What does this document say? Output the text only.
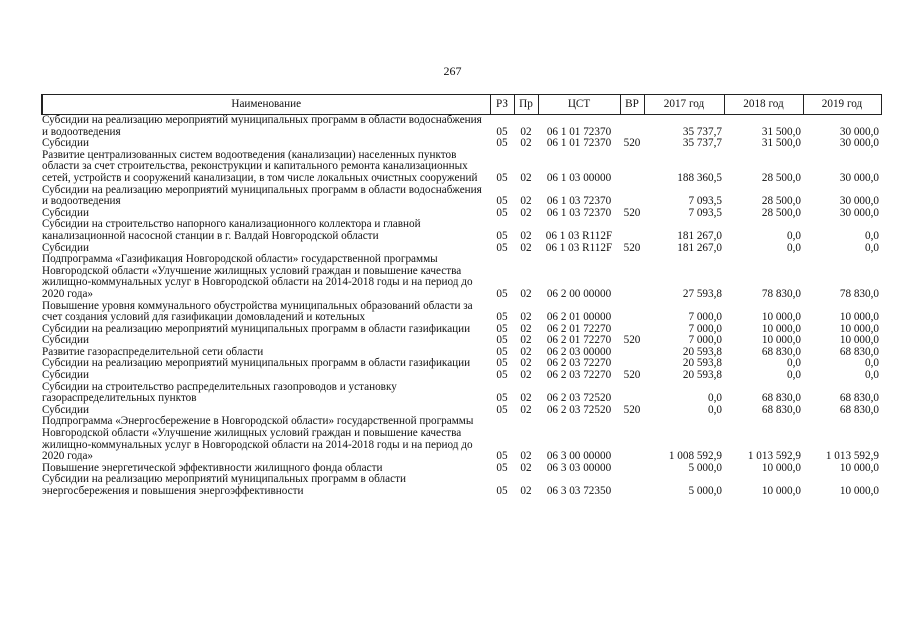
267
Наименование	РЗ	Пр	ЦСТ	ВР	2017 год	2018 год	2019 год
Субсидии на реализацию мероприятий муниципальных программ в области водоснабжения и водоотведения	05	02	06 1 01 72370		35 737,7	31 500,0	30 000,0
Субсидии	05	02	06 1 01 72370	520	35 737,7	31 500,0	30 000,0
Развитие централизованных систем водоотведения (канализации) населенных пунктов области за счет строительства, реконструкции и капитального ремонта канализационных сетей, устройств и сооружений канализации, в том числе локальных очистных сооружений	05	02	06 1 03 00000		188 360,5	28 500,0	30 000,0
Субсидии на реализацию мероприятий муниципальных программ в области водоснабжения и водоотведения	05	02	06 1 03 72370		7 093,5	28 500,0	30 000,0
Субсидии	05	02	06 1 03 72370	520	7 093,5	28 500,0	30 000,0
Субсидии на строительство напорного канализационного коллектора и главной канализационной насосной станции в г. Валдай Новгородской области	05	02	06 1 03 R112F		181 267,0	0,0	0,0
Субсидии	05	02	06 1 03 R112F	520	181 267,0	0,0	0,0
Подпрограмма «Газификация Новгородской области» государственной программы Новгородской области «Улучшение жилищных условий граждан и повышение качества жилищно-коммунальных услуг в Новгородской области на 2014-2018 годы и на период до 2020 года»	05	02	06 2 00 00000		27 593,8	78 830,0	78 830,0
Повышение уровня коммунального обустройства муниципальных образований области за счет создания условий для газификации домовладений и котельных	05	02	06 2 01 00000		7 000,0	10 000,0	10 000,0
Субсидии на реализацию мероприятий муниципальных программ в области газификации	05	02	06 2 01 72270		7 000,0	10 000,0	10 000,0
Субсидии	05	02	06 2 01 72270	520	7 000,0	10 000,0	10 000,0
Развитие газораспределительной сети области	05	02	06 2 03 00000		20 593,8	68 830,0	68 830,0
Субсидии на реализацию мероприятий муниципальных программ в области газификации	05	02	06 2 03 72270		20 593,8	0,0	0,0
Субсидии	05	02	06 2 03 72270	520	20 593,8	0,0	0,0
Субсидии на строительство распределительных газопроводов и установку газораспределительных пунктов	05	02	06 2 03 72520		0,0	68 830,0	68 830,0
Субсидии	05	02	06 2 03 72520	520	0,0	68 830,0	68 830,0
Подпрограмма «Энергосбережение в Новгородской области» государственной программы Новгородской области «Улучшение жилищных условий граждан и повышение качества жилищно-коммунальных услуг в Новгородской области на 2014-2018 годы и на период до 2020 года»	05	02	06 3 00 00000		1 008 592,9	1 013 592,9	1 013 592,9
Повышение энергетической эффективности жилищного фонда области	05	02	06 3 03 00000		5 000,0	10 000,0	10 000,0
Субсидии на реализацию мероприятий муниципальных программ в области энергосбережения и повышения энергоэффективности	05	02	06 3 03 72350		5 000,0	10 000,0	10 000,0
